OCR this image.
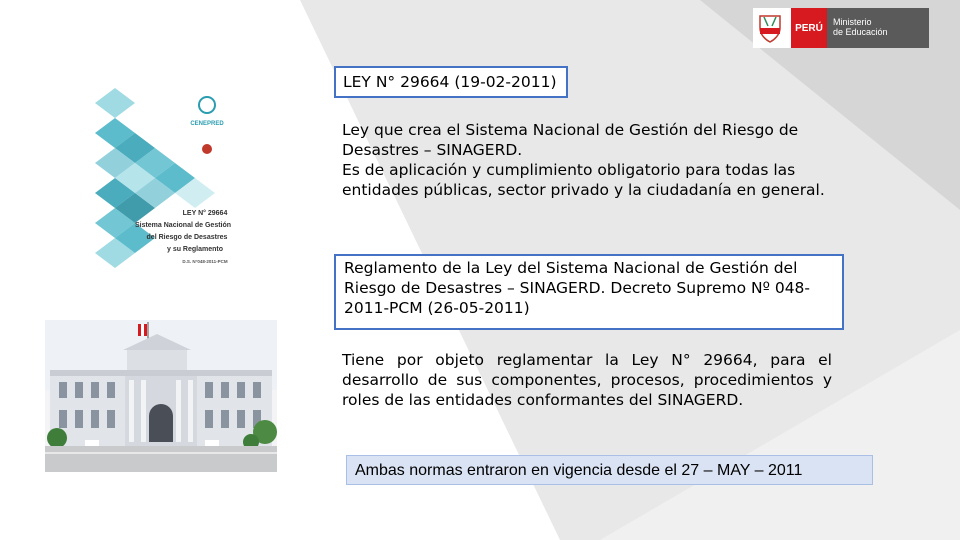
PERÚ
Ministerio
de Educación
CENEPRED
LEY N° 29664
Sistema Nacional de Gestión
del Riesgo de Desastres
y su Reglamento
D.S. N°048-2011-PCM
LEY N° 29664 (19-02-2011)

Ley que crea el Sistema Nacional de Gestión del Riesgo de Desastres – SINAGERD.

Es de aplicación y cumplimiento obligatorio para todas las entidades públicas, sector privado y la ciudadanía en general.

Reglamento de la Ley del Sistema Nacional de Gestión del Riesgo de Desastres – SINAGERD. Decreto Supremo Nº 048-2011-PCM (26-05-2011)
Tiene por objeto reglamentar la Ley N° 29664, para el desarrollo de sus componentes, procesos, procedimientos y roles de las entidades conformantes del SINAGERD.
Ambas normas entraron en vigencia desde el 27 – MAY – 2011
